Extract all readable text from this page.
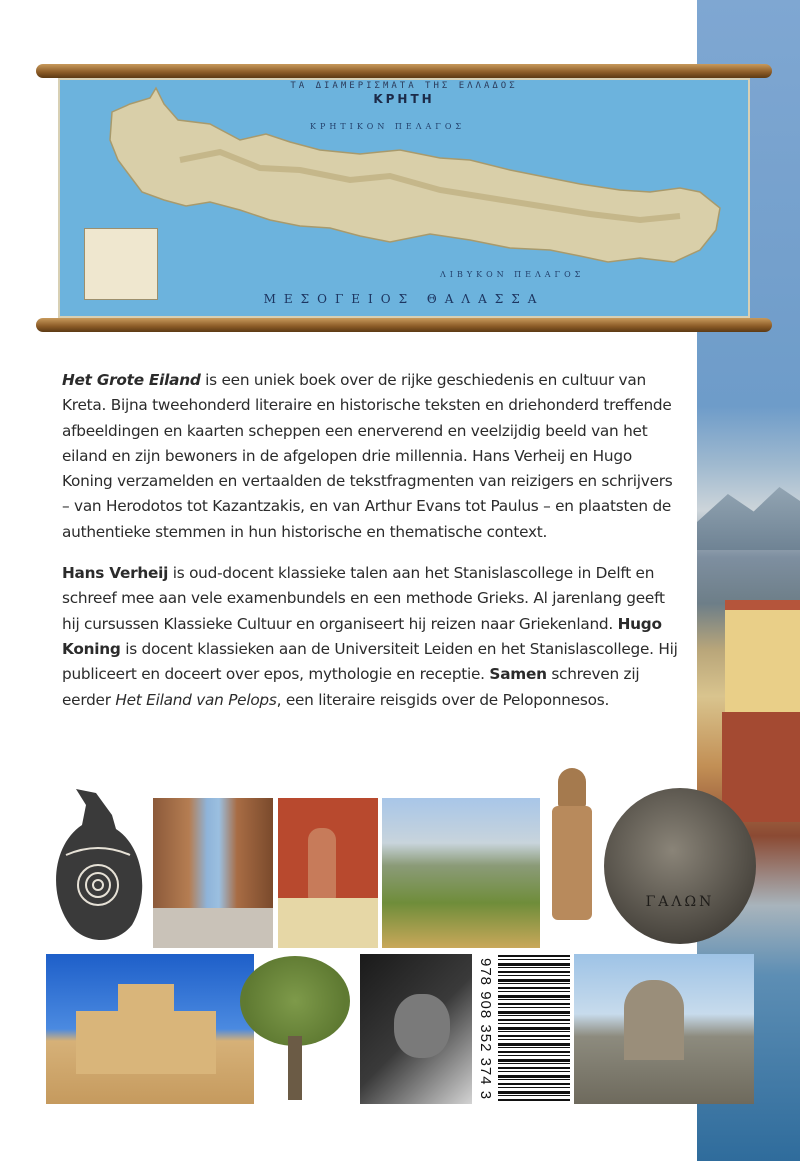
ΤΑ ΔΙΑΜΕΡΙΣΜΑΤΑ ΤΗΣ ΕΛΛΑΔΟΣ
ΚΡΗΤΗ
ΚΡΗΤΙΚΟΝ ΠΕΛΑΓΟΣ
ΛΙΒΥΚΟΝ ΠΕΛΑΓΟΣ
ΜΕΣΟΓΕΙΟΣ ΘΑΛΑΣΣΑ

Het Grote Eiland is een uniek boek over de rijke geschiedenis en cultuur van Kreta. Bijna tweehonderd literaire en historische teksten en driehonderd treffende afbeeldingen en kaarten scheppen een enerverend en veelzijdig beeld van het eiland en zijn bewoners in de afgelopen drie millennia. Hans Verheij en Hugo Koning verzamelden en vertaalden de tekstfragmenten van reizigers en schrijvers – van Herodotos tot Kazantzakis, en van Arthur Evans tot Paulus – en plaatsten de authentieke stemmen in hun historische en thematische context.

Hans Verheij is oud-docent klassieke talen aan het Stanislascollege in Delft en schreef mee aan vele examenbundels en een methode Grieks. Al jarenlang geeft hij cursussen Klassieke Cultuur en organiseert hij reizen naar Griekenland. Hugo Koning is docent klassieken aan de Universiteit Leiden en het Stanislascollege. Hij publiceert en doceert over epos, mythologie en receptie. Samen schreven zij eerder Het Eiland van Pelops, een literaire reisgids over de Peloponnesos.

ΓΑΛΩΝ
978 908 352 374 3
